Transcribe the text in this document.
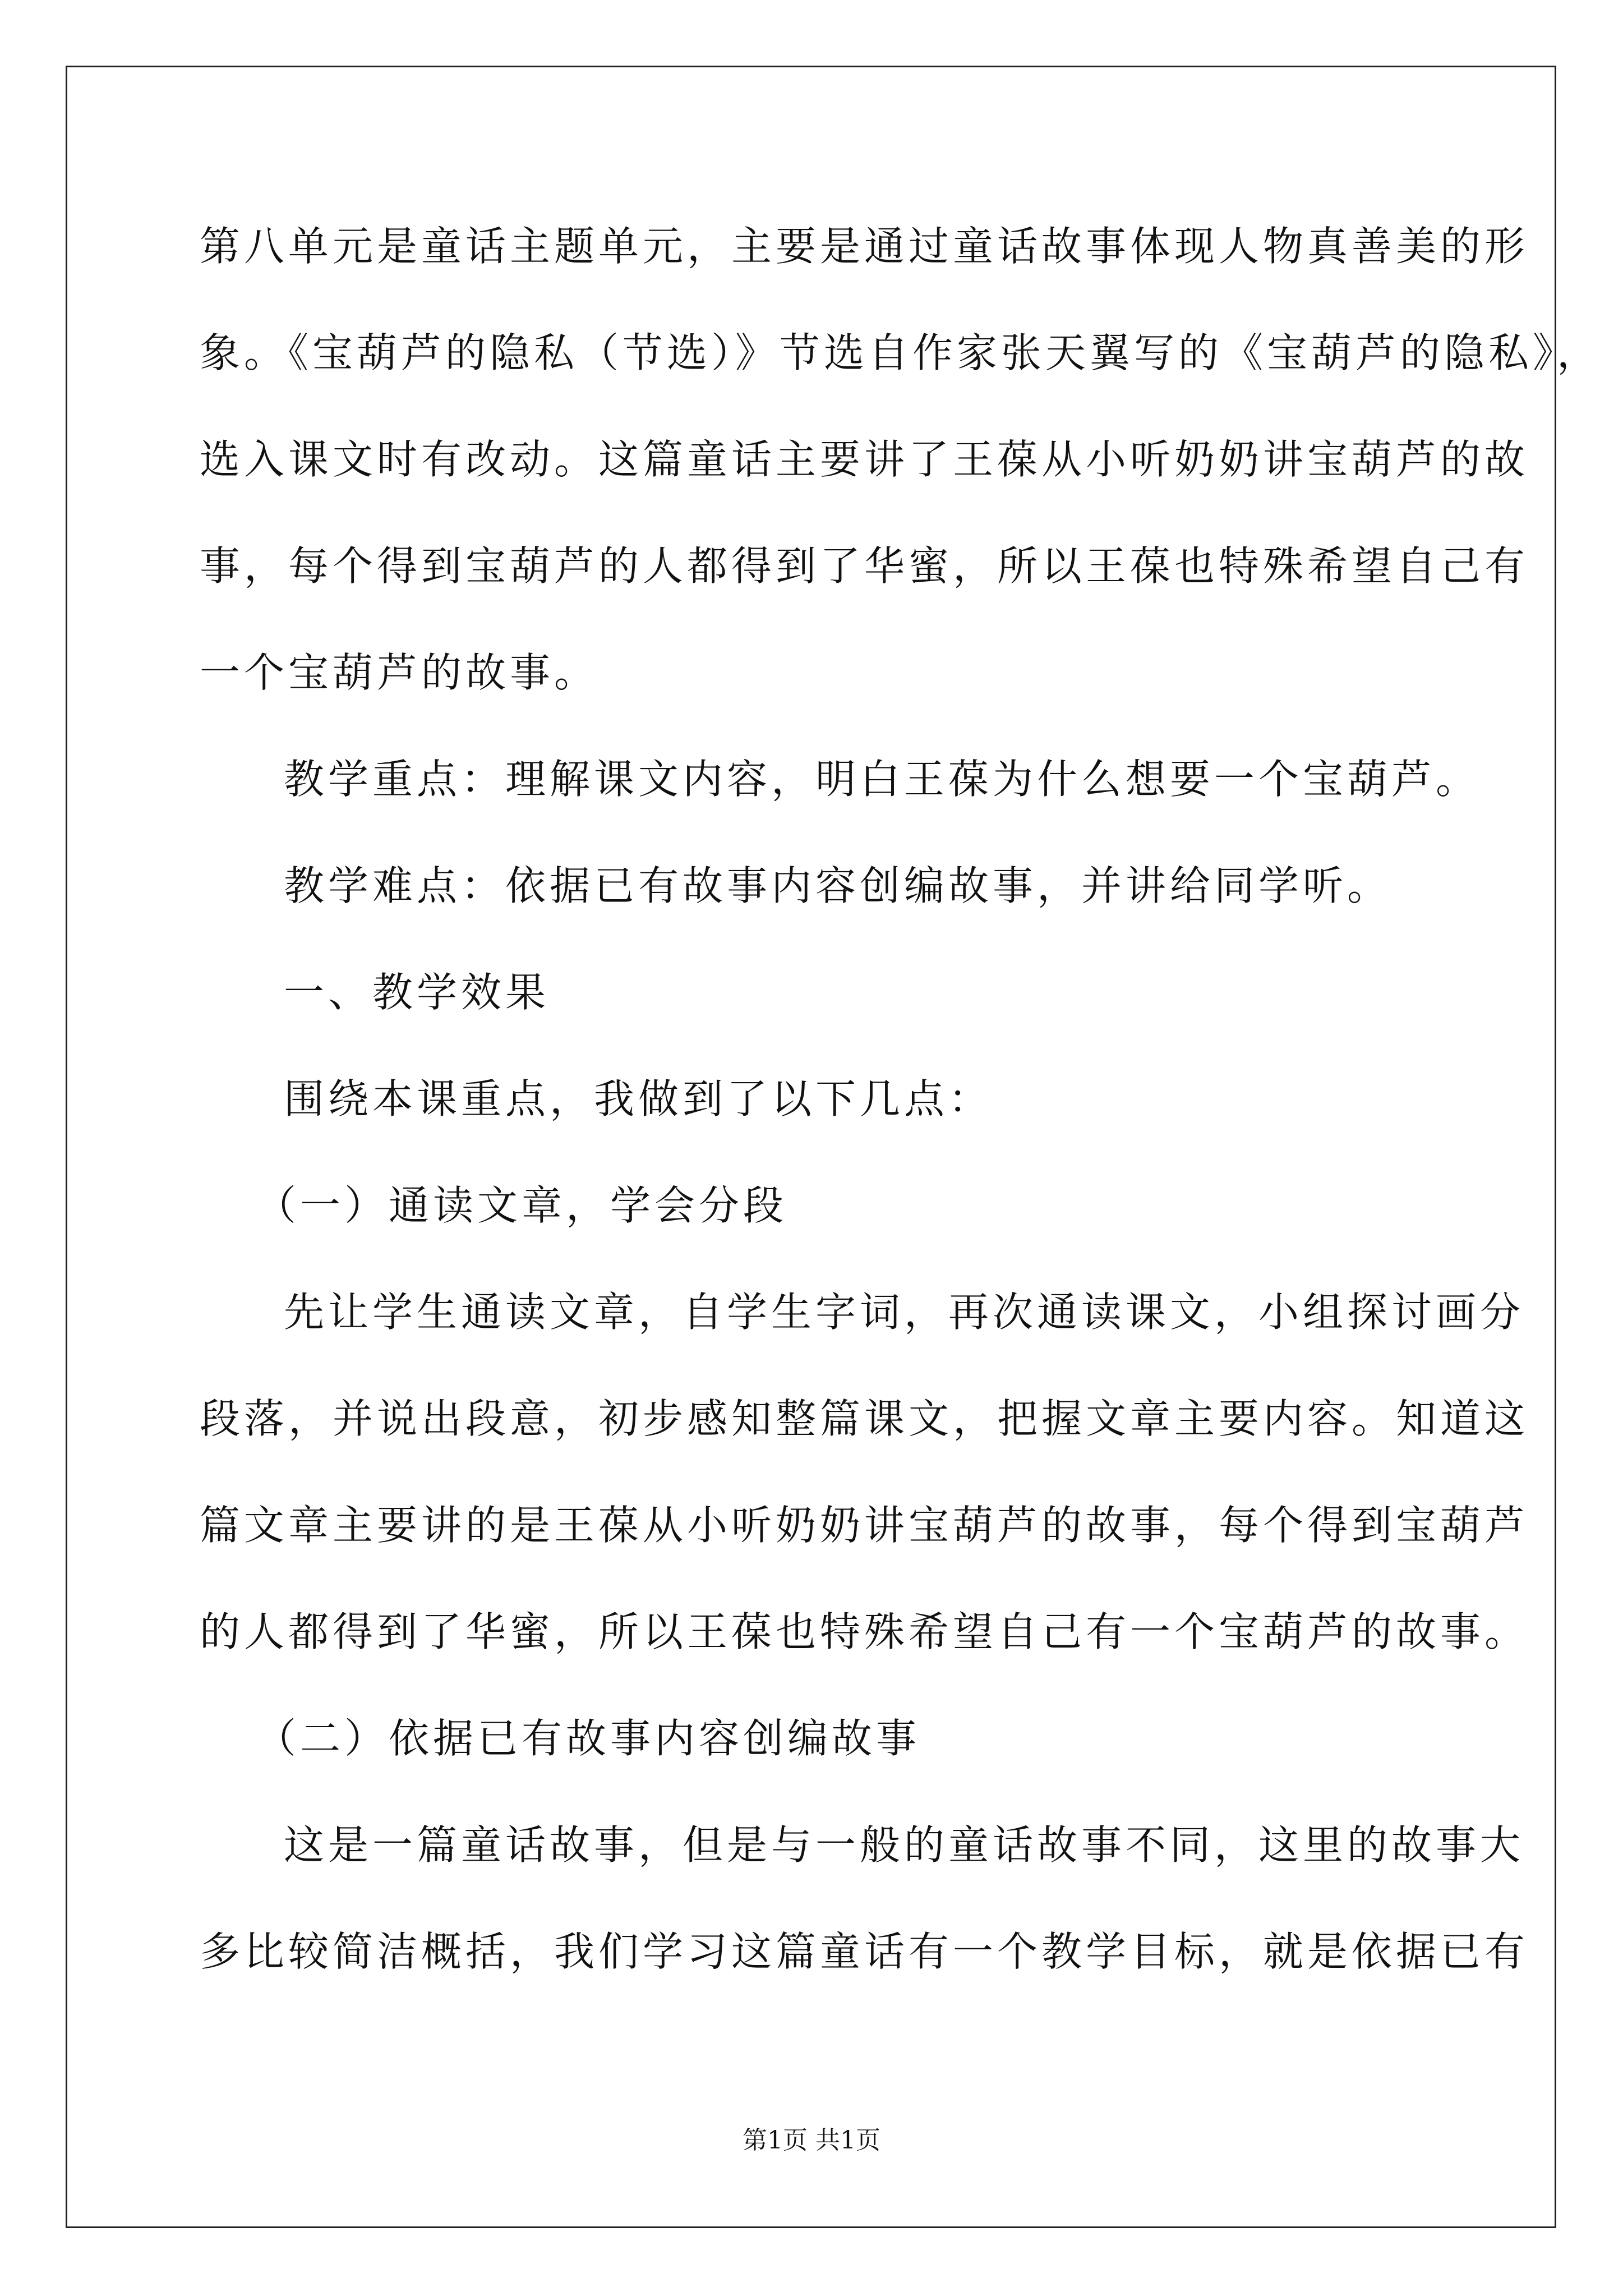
第八单元是童话主题单元，主要是通过童话故事体现人物真善美的形
象。《宝葫芦的隐私（节选）》节选自作家张天翼写的《宝葫芦的隐私》，
选入课文时有改动。这篇童话主要讲了王葆从小听奶奶讲宝葫芦的故
事，每个得到宝葫芦的人都得到了华蜜，所以王葆也特殊希望自己有
一个宝葫芦的故事。
教学重点：理解课文内容，明白王葆为什么想要一个宝葫芦。
教学难点：依据已有故事内容创编故事，并讲给同学听。
一、教学效果
围绕本课重点，我做到了以下几点：
（一）通读文章，学会分段
先让学生通读文章，自学生字词，再次通读课文，小组探讨画分
段落，并说出段意，初步感知整篇课文，把握文章主要内容。知道这
篇文章主要讲的是王葆从小听奶奶讲宝葫芦的故事，每个得到宝葫芦
的人都得到了华蜜，所以王葆也特殊希望自己有一个宝葫芦的故事。
（二）依据已有故事内容创编故事
这是一篇童话故事，但是与一般的童话故事不同，这里的故事大
多比较简洁概括，我们学习这篇童话有一个教学目标，就是依据已有
第1页 共1页
